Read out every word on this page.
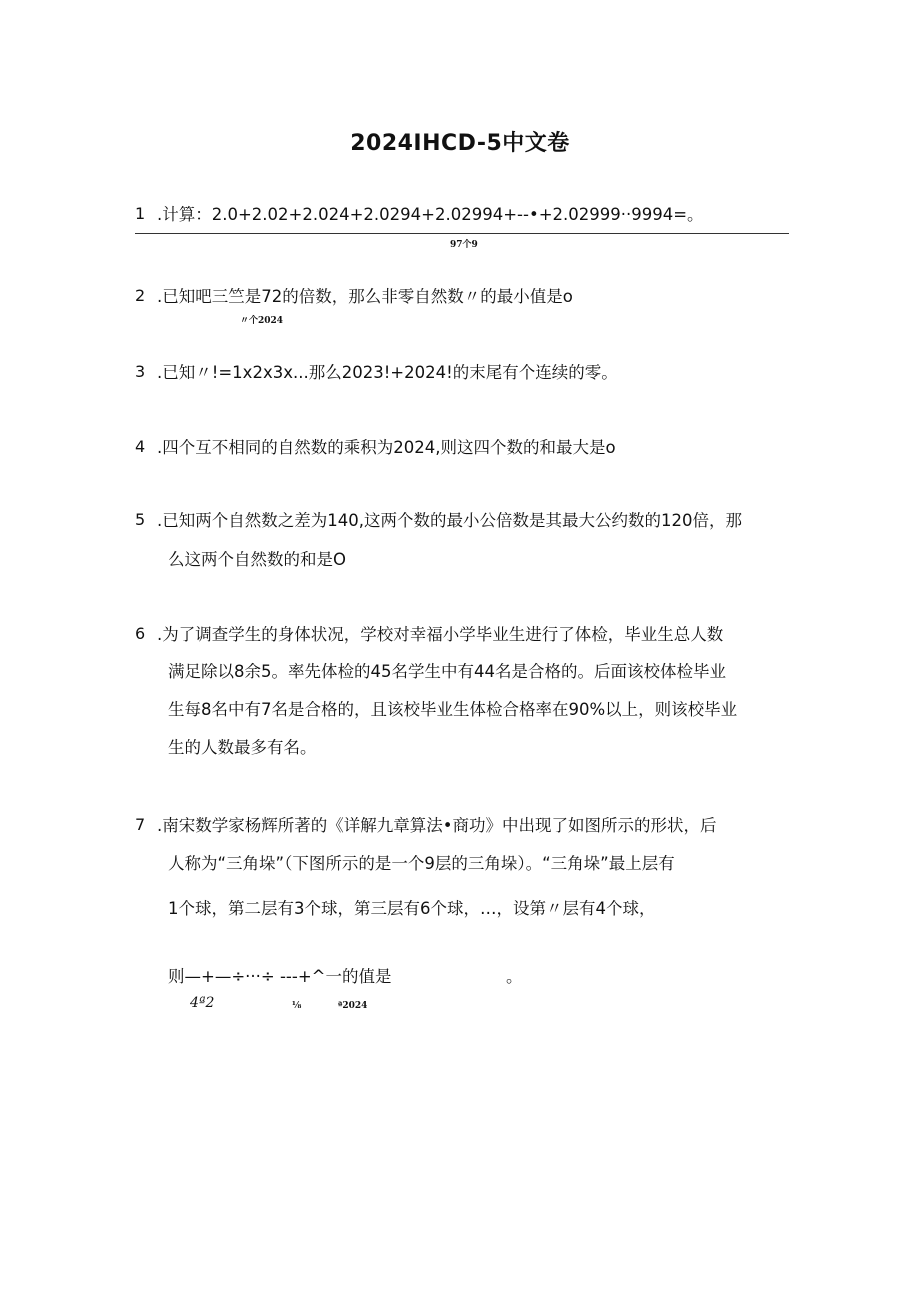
2024IHCD-5中文卷
1 .计算：2.0+2.02+2.024+2.0294+2.02994+--•+2.02999··9994=。
97个9
2 .已知吧三竺是72的倍数，那么非零自然数〃的最小值是o
〃个2024
3 .已知〃!=1x2x3x...那么2023!+2024!的末尾有个连续的零。
4 .四个互不相同的自然数的乘积为2024,则这四个数的和最大是o
5 .已知两个自然数之差为140,这两个数的最小公倍数是其最大公约数的120倍，那
么这两个自然数的和是O
6 .为了调查学生的身体状况，学校对幸福小学毕业生进行了体检，毕业生总人数
满足除以8余5。率先体检的45名学生中有44名是合格的。后面该校体检毕业
生每8名中有7名是合格的，且该校毕业生体检合格率在90%以上，则该校毕业
生的人数最多有名。
7 .南宋数学家杨辉所著的《详解九章算法•商功》中出现了如图所示的形状，后
人称为“三角垛”（下图所示的是一个9层的三角垛）。“三角垛”最上层有
1个球，第二层有3个球，第三层有6个球，…，设第〃层有4个球，
则—+—÷···÷ ---+^一的值是	。
4ª2	⅛	ª2024
